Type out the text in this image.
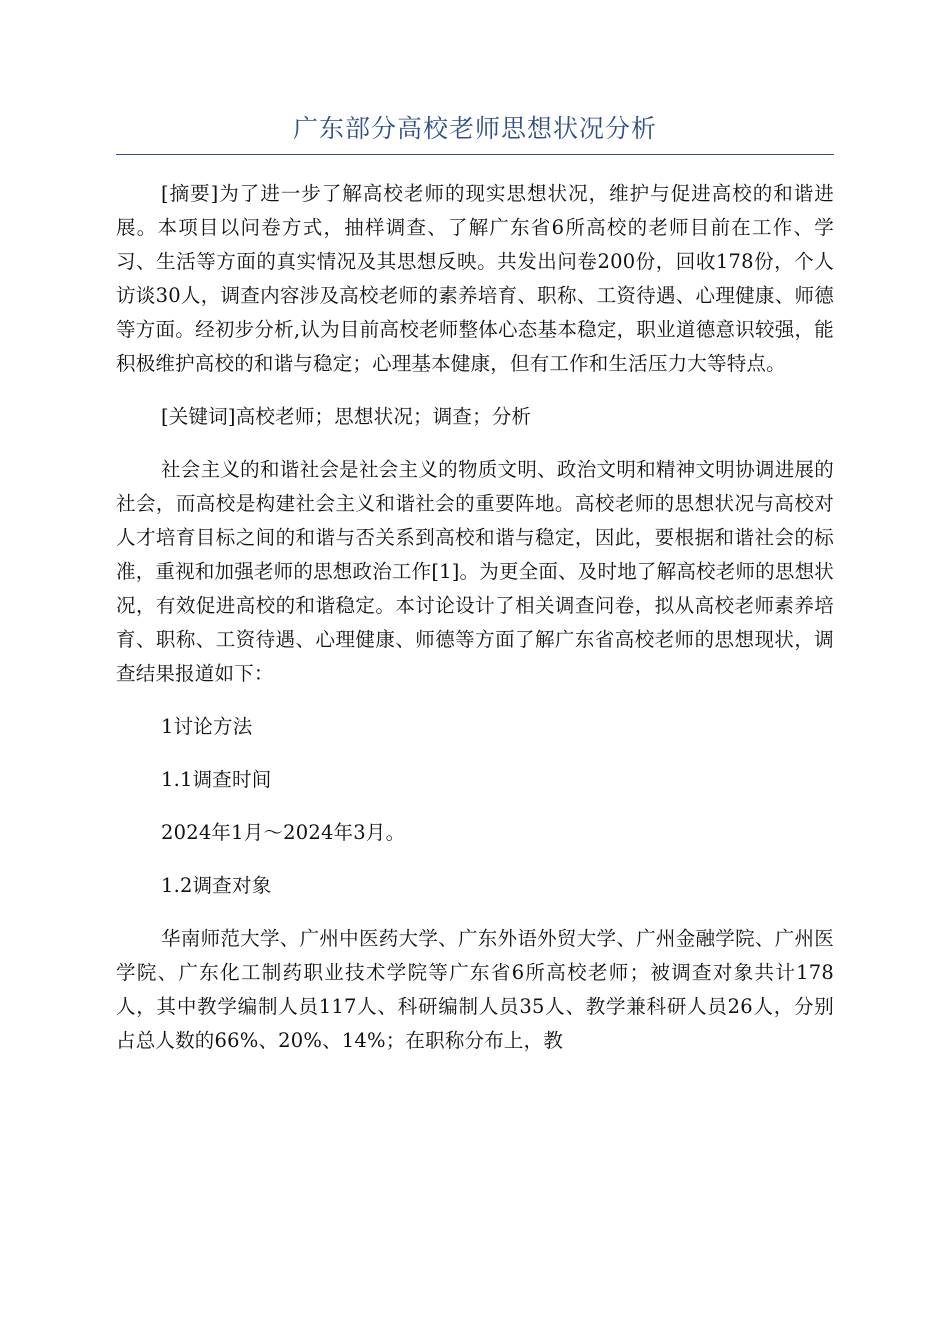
广东部分高校老师思想状况分析

[摘要]为了进一步了解高校老师的现实思想状况，维护与促进高校的和谐进展。本项目以问卷方式，抽样调查、了解广东省6所高校的老师目前在工作、学习、生活等方面的真实情况及其思想反映。共发出问卷200份，回收178份，个人访谈30人，调查内容涉及高校老师的素养培育、职称、工资待遇、心理健康、师德等方面。经初步分析,认为目前高校老师整体心态基本稳定，职业道德意识较强，能积极维护高校的和谐与稳定；心理基本健康，但有工作和生活压力大等特点。

[关键词]高校老师；思想状况；调查；分析

社会主义的和谐社会是社会主义的物质文明、政治文明和精神文明协调进展的社会，而高校是构建社会主义和谐社会的重要阵地。高校老师的思想状况与高校对人才培育目标之间的和谐与否关系到高校和谐与稳定，因此，要根据和谐社会的标准，重视和加强老师的思想政治工作[1]。为更全面、及时地了解高校老师的思想状况，有效促进高校的和谐稳定。本讨论设计了相关调查问卷，拟从高校老师素养培育、职称、工资待遇、心理健康、师德等方面了解广东省高校老师的思想现状，调查结果报道如下：

1讨论方法

1.1调查时间

2024年1月～2024年3月。

1.2调查对象

华南师范大学、广州中医药大学、广东外语外贸大学、广州金融学院、广州医学院、广东化工制药职业技术学院等广东省6所高校老师；被调查对象共计178人，其中教学编制人员117人、科研编制人员35人、教学兼科研人员26人，分别占总人数的66%、20%、14%；在职称分布上，教
